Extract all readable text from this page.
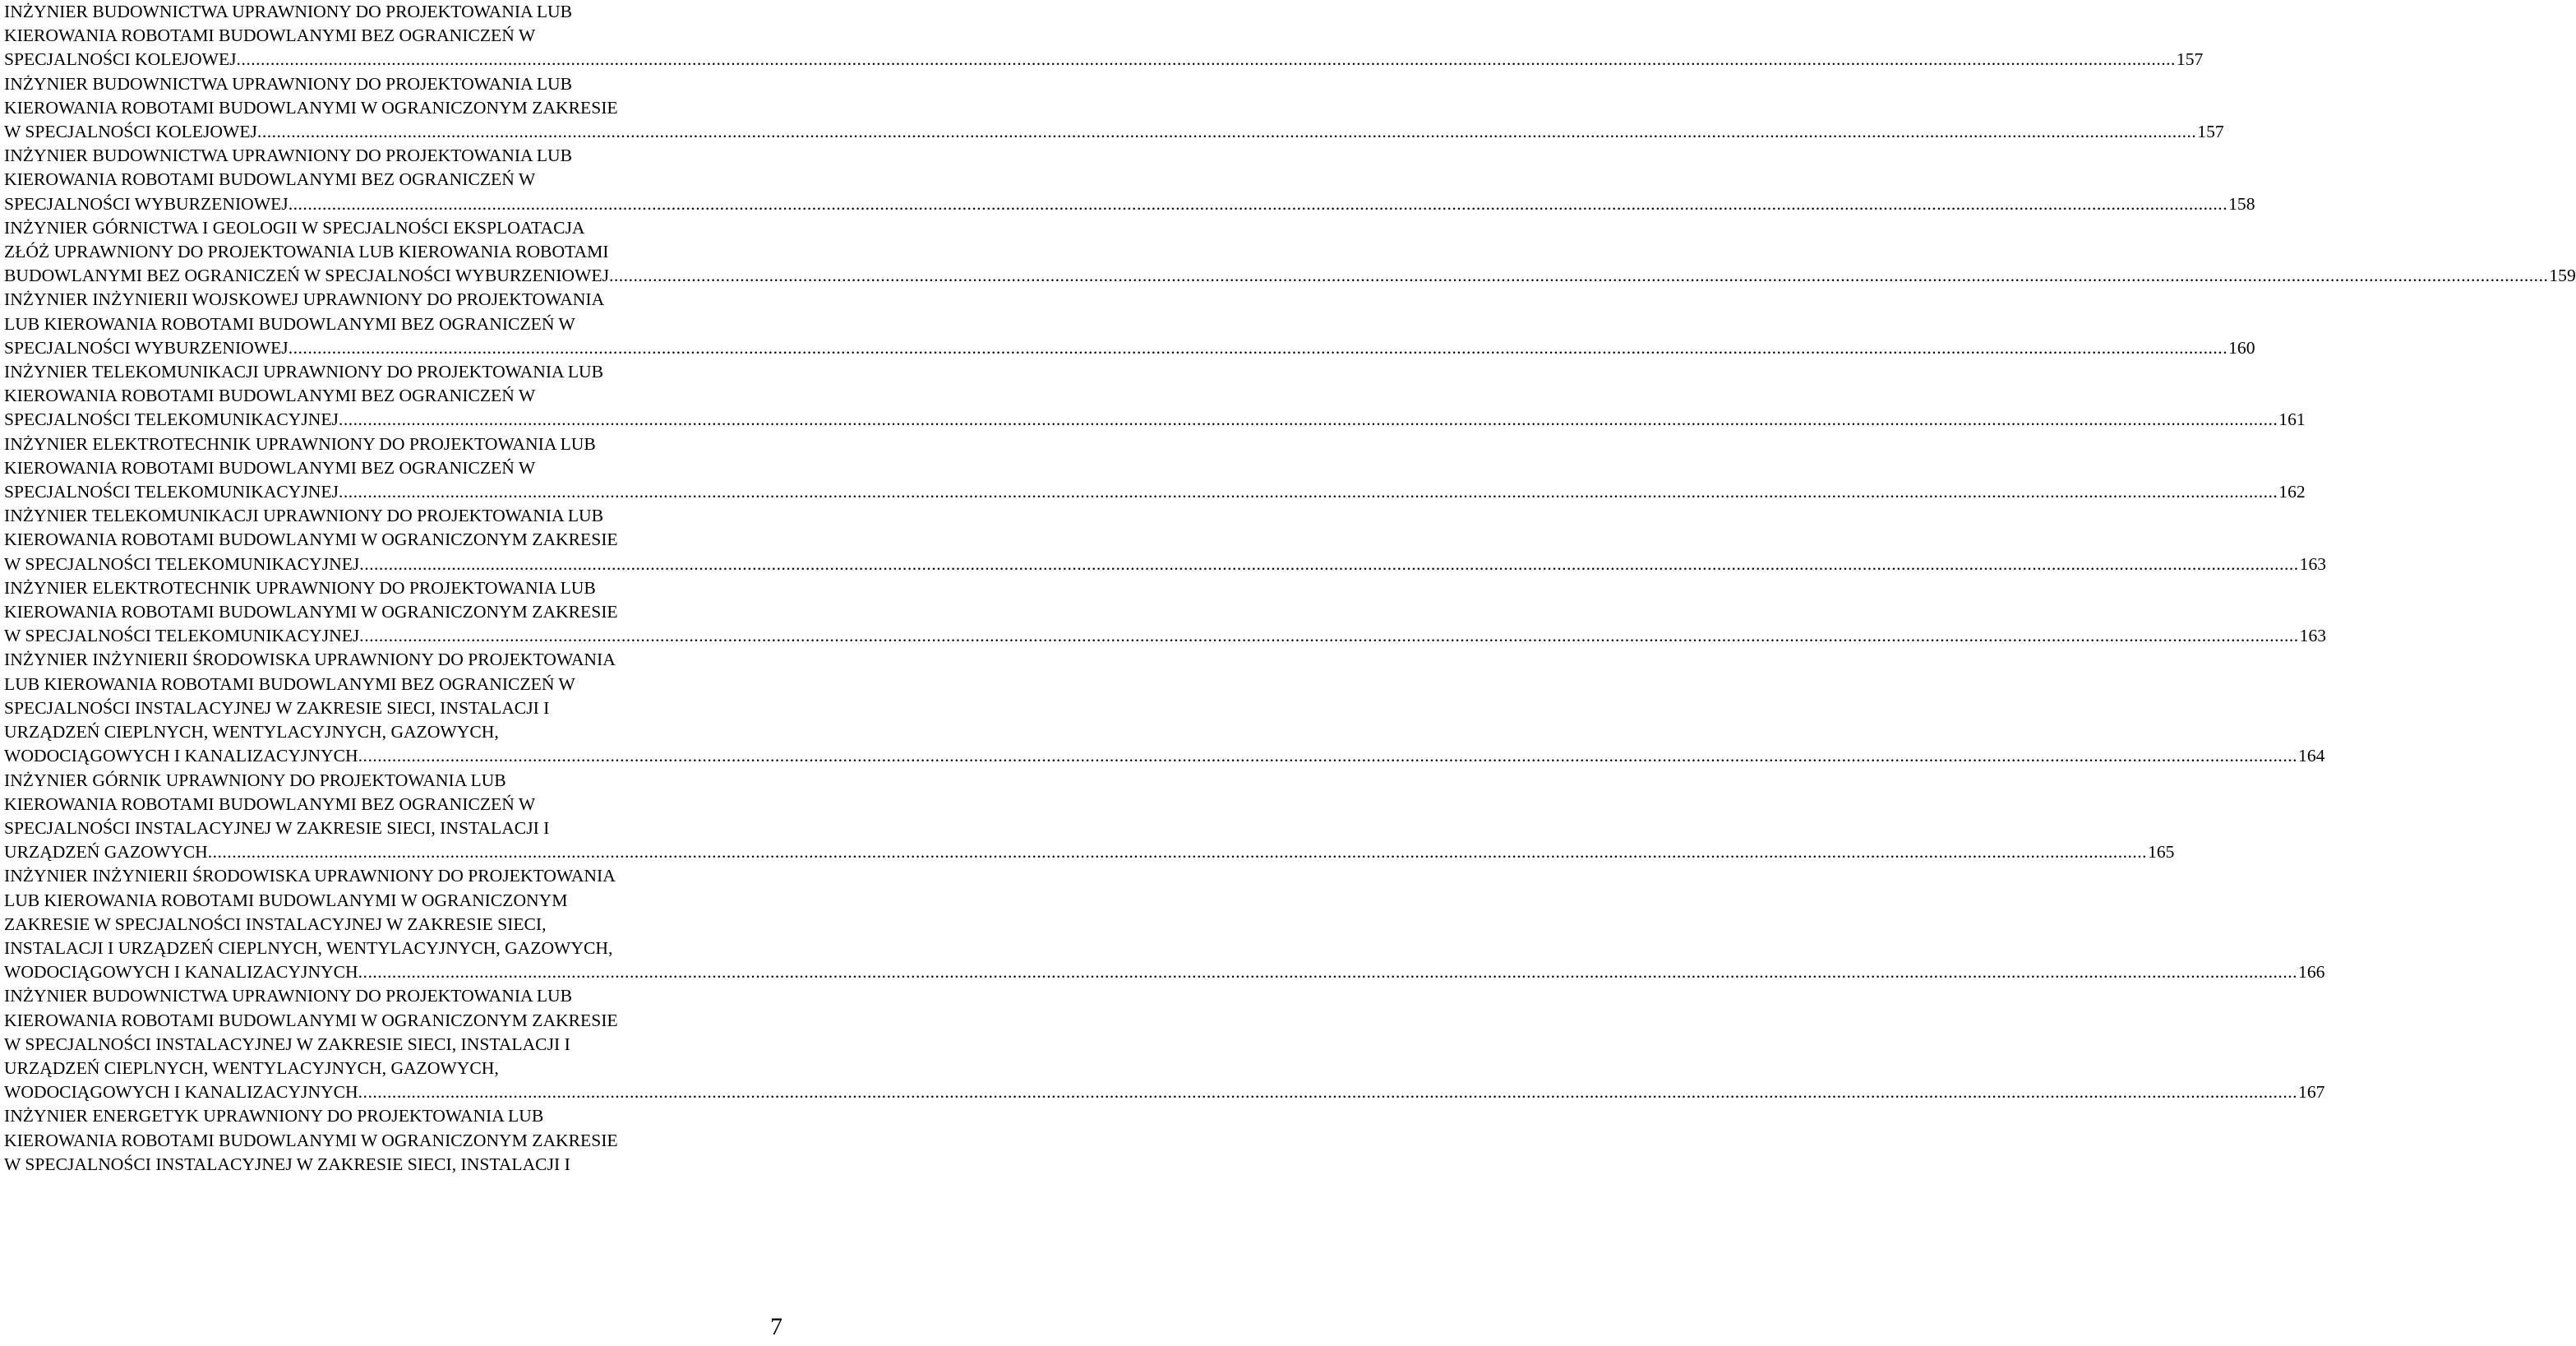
INŻYNIER BUDOWNICTWA UPRAWNIONY DO PROJEKTOWANIA LUB
KIEROWANIA ROBOTAMI BUDOWLANYMI BEZ OGRANICZEŃ W
SPECJALNOŚCI KOLEJOWEJ ................................................................................................................................................................................................................................................................................................................................................................................................................ 157
INŻYNIER BUDOWNICTWA UPRAWNIONY DO PROJEKTOWANIA LUB
KIEROWANIA ROBOTAMI BUDOWLANYMI W OGRANICZONYM ZAKRESIE
W SPECJALNOŚCI KOLEJOWEJ ................................................................................................................................................................................................................................................................................................................................................................................................................ 157
INŻYNIER BUDOWNICTWA UPRAWNIONY DO PROJEKTOWANIA LUB
KIEROWANIA ROBOTAMI BUDOWLANYMI BEZ OGRANICZEŃ W
SPECJALNOŚCI WYBURZENIOWEJ ................................................................................................................................................................................................................................................................................................................................................................................................................ 158
INŻYNIER GÓRNICTWA I GEOLOGII W SPECJALNOŚCI EKSPLOATACJA
ZŁÓŻ UPRAWNIONY DO PROJEKTOWANIA LUB KIEROWANIA ROBOTAMI
BUDOWLANYMI BEZ OGRANICZEŃ W SPECJALNOŚCI WYBURZENIOWEJ ................................................................................................................................................................................................................................................................................................................................................................................................................ 159
INŻYNIER INŻYNIERII WOJSKOWEJ UPRAWNIONY DO PROJEKTOWANIA
LUB KIEROWANIA ROBOTAMI BUDOWLANYMI BEZ OGRANICZEŃ W
SPECJALNOŚCI WYBURZENIOWEJ ................................................................................................................................................................................................................................................................................................................................................................................................................ 160
INŻYNIER TELEKOMUNIKACJI UPRAWNIONY DO PROJEKTOWANIA LUB
KIEROWANIA ROBOTAMI BUDOWLANYMI BEZ OGRANICZEŃ W
SPECJALNOŚCI TELEKOMUNIKACYJNEJ ................................................................................................................................................................................................................................................................................................................................................................................................................ 161
INŻYNIER ELEKTROTECHNIK UPRAWNIONY DO PROJEKTOWANIA LUB
KIEROWANIA ROBOTAMI BUDOWLANYMI BEZ OGRANICZEŃ W
SPECJALNOŚCI TELEKOMUNIKACYJNEJ ................................................................................................................................................................................................................................................................................................................................................................................................................ 162
INŻYNIER TELEKOMUNIKACJI UPRAWNIONY DO PROJEKTOWANIA LUB
KIEROWANIA ROBOTAMI BUDOWLANYMI W OGRANICZONYM ZAKRESIE
W SPECJALNOŚCI TELEKOMUNIKACYJNEJ ................................................................................................................................................................................................................................................................................................................................................................................................................ 163
INŻYNIER ELEKTROTECHNIK UPRAWNIONY DO PROJEKTOWANIA LUB
KIEROWANIA ROBOTAMI BUDOWLANYMI W OGRANICZONYM ZAKRESIE
W SPECJALNOŚCI TELEKOMUNIKACYJNEJ ................................................................................................................................................................................................................................................................................................................................................................................................................ 163
INŻYNIER INŻYNIERII ŚRODOWISKA UPRAWNIONY DO PROJEKTOWANIA
LUB KIEROWANIA ROBOTAMI BUDOWLANYMI BEZ OGRANICZEŃ W
SPECJALNOŚCI INSTALACYJNEJ W ZAKRESIE SIECI, INSTALACJI I
URZĄDZEŃ CIEPLNYCH, WENTYLACYJNYCH, GAZOWYCH,
WODOCIĄGOWYCH I KANALIZACYJNYCH ................................................................................................................................................................................................................................................................................................................................................................................................................ 164
INŻYNIER GÓRNIK UPRAWNIONY DO PROJEKTOWANIA LUB
KIEROWANIA ROBOTAMI BUDOWLANYMI BEZ OGRANICZEŃ W
SPECJALNOŚCI INSTALACYJNEJ W ZAKRESIE SIECI, INSTALACJI I
URZĄDZEŃ GAZOWYCH ................................................................................................................................................................................................................................................................................................................................................................................................................ 165
INŻYNIER INŻYNIERII ŚRODOWISKA UPRAWNIONY DO PROJEKTOWANIA
LUB KIEROWANIA ROBOTAMI BUDOWLANYMI W OGRANICZONYM
ZAKRESIE W SPECJALNOŚCI INSTALACYJNEJ W ZAKRESIE SIECI,
INSTALACJI I URZĄDZEŃ CIEPLNYCH, WENTYLACYJNYCH, GAZOWYCH,
WODOCIĄGOWYCH I KANALIZACYJNYCH ................................................................................................................................................................................................................................................................................................................................................................................................................ 166
INŻYNIER BUDOWNICTWA UPRAWNIONY DO PROJEKTOWANIA LUB
KIEROWANIA ROBOTAMI BUDOWLANYMI W OGRANICZONYM ZAKRESIE
W SPECJALNOŚCI INSTALACYJNEJ W ZAKRESIE SIECI, INSTALACJI I
URZĄDZEŃ CIEPLNYCH, WENTYLACYJNYCH, GAZOWYCH,
WODOCIĄGOWYCH I KANALIZACYJNYCH ................................................................................................................................................................................................................................................................................................................................................................................................................ 167
INŻYNIER ENERGETYK UPRAWNIONY DO PROJEKTOWANIA LUB
KIEROWANIA ROBOTAMI BUDOWLANYMI W OGRANICZONYM ZAKRESIE
W SPECJALNOŚCI INSTALACYJNEJ W ZAKRESIE SIECI, INSTALACJI I
7
